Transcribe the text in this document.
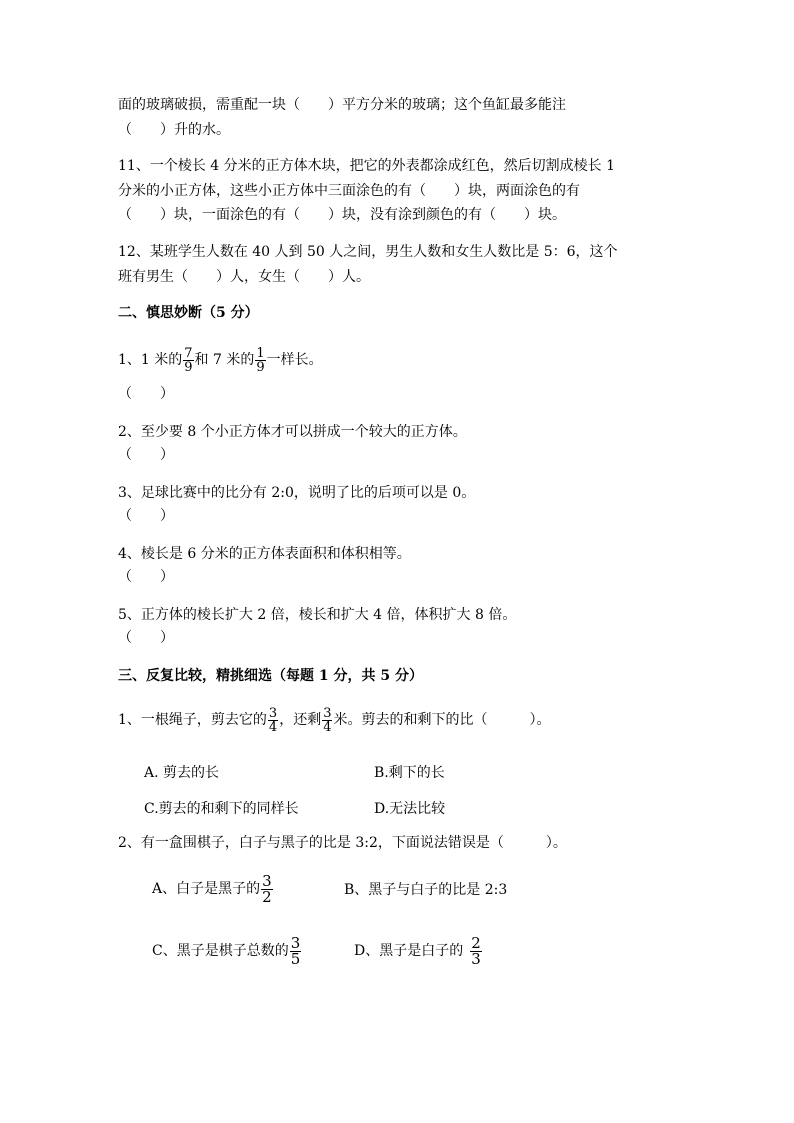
面的玻璃破损，需重配一块（　　）平方分米的玻璃；这个鱼缸最多能注
（　　）升的水。
11、一个棱长 4 分米的正方体木块，把它的外表都涂成红色，然后切割成棱长 1
分米的小正方体，这些小正方体中三面涂色的有（　　）块，两面涂色的有
（　　）块，一面涂色的有（　　）块，没有涂到颜色的有（　　）块。
12、某班学生人数在 40 人到 50 人之间，男生人数和女生人数比是 5：6，这个
班有男生（　　）人，女生（　　）人。
二、慎思妙断（5 分）
1、1 米的 $\frac{7}{9}$ 和 7 米的 $\frac{1}{9}$ 一样长。
（　　）
2、至少要 8 个小正方体才可以拼成一个较大的正方体。
（　　）
3、足球比赛中的比分有 2:0，说明了比的后项可以是 0。
（　　）
4、棱长是 6 分米的正方体表面积和体积相等。
（　　）
5、正方体的棱长扩大 2 倍，棱长和扩大 4 倍，体积扩大 8 倍。
（　　）
三、反复比较，精挑细选（每题 1 分，共 5 分）
1、一根绳子，剪去它的 $\frac{3}{4}$ ，还剩 $\frac{3}{4}$ 米。剪去的和剩下的比（　　　）。
A. 剪去的长	B.剩下的长
C.剪去的和剩下的同样长	D.无法比较
2、有一盒围棋子，白子与黑子的比是 3:2，下面说法错误是（　　　）。
A、白子是黑子的 $\frac{3}{2}$	B、黑子与白子的比是 2:3
C、黑子是棋子总数的 $\frac{3}{5}$	D、黑子是白子的 $\frac{2}{3}$
